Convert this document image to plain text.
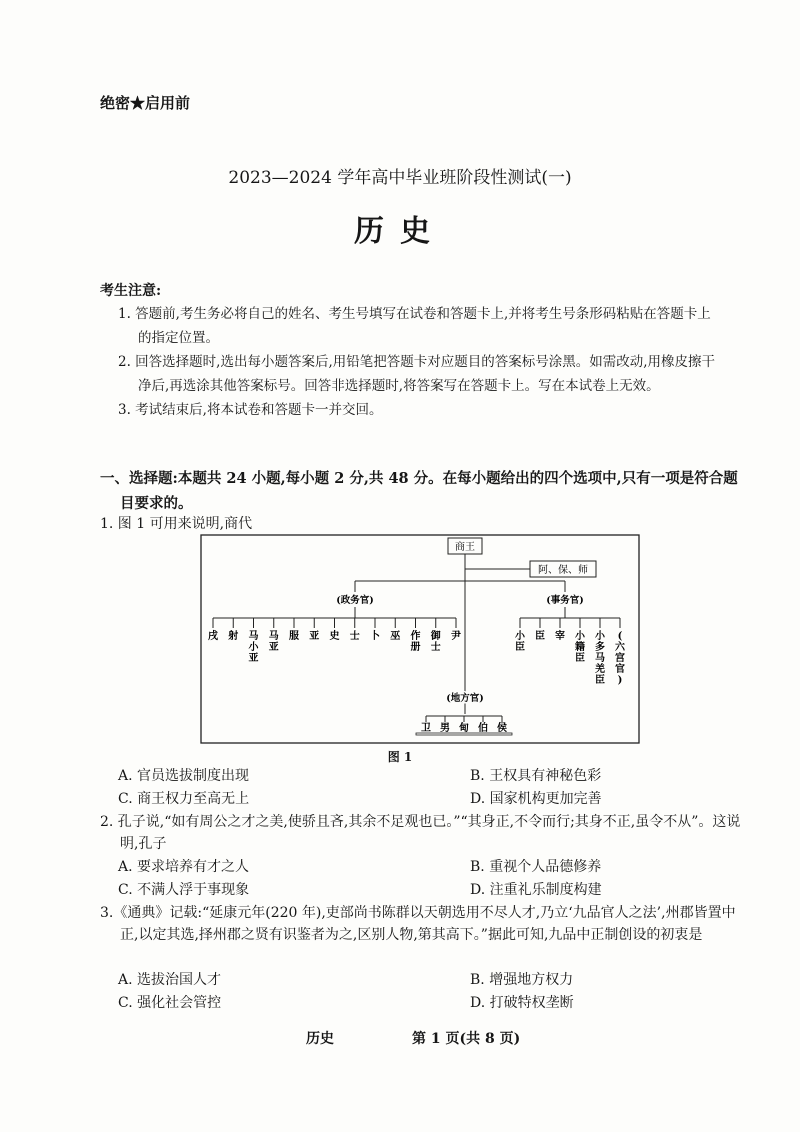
绝密★启用前
2023—2024 学年高中毕业班阶段性测试(一)
历史
考生注意:

1. 答题前,考生务必将自己的姓名、考生号填写在试卷和答题卡上,并将考生号条形码粘贴在答题卡上的指定位置。

2. 回答选择题时,选出每小题答案后,用铅笔把答题卡对应题目的答案标号涂黑。如需改动,用橡皮擦干净后,再选涂其他答案标号。回答非选择题时,将答案写在答题卡上。写在本试卷上无效。

3. 考试结束后,将本试卷和答题卡一并交回。

一、选择题:本题共 24 小题,每小题 2 分,共 48 分。在每小题给出的四个选项中,只有一项是符合题目要求的。
1. 图 1 可用来说明,商代
商王
阿、保、师
(政务官)	(事务官)
戌 射 马小亚
马亚
服 亚 史 士 卜 巫 作册
御士
尹	小臣
臣 宰 小籍臣
小多马羌臣
(六宫官)
(地方官)
卫 男 甸 伯 侯
图 1
A. 官员选拔制度出现	B. 王权具有神秘色彩
C. 商王权力至高无上	D. 国家机构更加完善
2. 孔子说,“如有周公之才之美,使骄且吝,其余不足观也已。”“其身正,不令而行;其身不正,虽令不从”。这说明,孔子
A. 要求培养有才之人	B. 重视个人品德修养
C. 不满人浮于事现象	D. 注重礼乐制度构建
3.《通典》记载:“延康元年(220 年),吏部尚书陈群以天朝选用不尽人才,乃立‘九品官人之法’,州郡皆置中正,以定其选,择州郡之贤有识鉴者为之,区别人物,第其高下。”据此可知,九品中正制创设的初衷是
A. 选拔治国人才	B. 增强地方权力
C. 强化社会管控	D. 打破特权垄断
历史	第 1 页(共 8 页)
